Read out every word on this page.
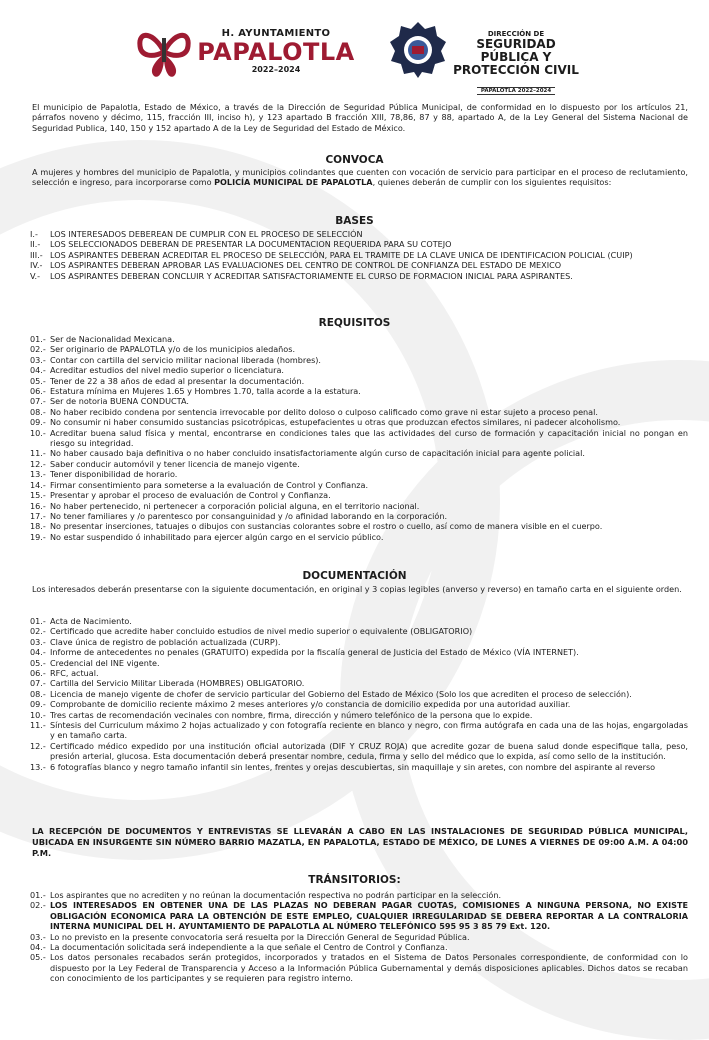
H. AYUNTAMIENTO
PAPALOTLA
2022–2024
DIRECCIÓN DE
SEGURIDAD PÚBLICA Y
PROTECCIÓN CIVIL
PAPALOTLA 2022–2024
El municipio de Papalotla, Estado de México, a través de la Dirección de Seguridad Pública Municipal, de conformidad en lo dispuesto por los artículos 21, párrafos noveno y décimo, 115, fracción III, inciso h), y 123 apartado B fracción XIII, 78,86, 87 y 88, apartado A, de la Ley General del Sistema Nacional de Seguridad Publica, 140, 150 y 152 apartado A de la Ley de Seguridad del Estado de México.
CONVOCA
A mujeres y hombres del municipio de Papalotla, y municipios colindantes que cuenten con vocación de servicio para participar en el proceso de reclutamiento, selección e ingreso, para incorporarse como POLICÍA MUNICIPAL DE PAPALOTLA, quienes deberán de cumplir con los siguientes requisitos:
BASES
I.-	LOS INTERESADOS DEBEREAN DE CUMPLIR CON EL PROCESO DE SELECCIÓN
II.-	LOS SELECCIONADOS DEBERAN DE PRESENTAR LA DOCUMENTACION REQUERIDA PARA SU COTEJO
III.- LOS ASPIRANTES DEBERAN ACREDITAR EL PROCESO DE SELECCIÓN, PARA EL TRAMITE DE LA CLAVE UNICA DE IDENTIFICACION POLICIAL (CUIP)
IV.- LOS ASPIRANTES DEBERAN APROBAR LAS EVALUACIONES DEL CENTRO DE CONTROL DE CONFIANZA DEL ESTADO DE MEXICO
V.-	LOS ASPIRANTES DEBERAN CONCLUIR Y ACREDITAR SATISFACTORIAMENTE EL CURSO DE FORMACION INICIAL PARA ASPIRANTES.
REQUISITOS
01.- Ser de Nacionalidad Mexicana.
02.- Ser originario de PAPALOTLA y/o de los municipios aledaños.
03.- Contar con cartilla del servicio militar nacional liberada (hombres).
04.- Acreditar estudios del nivel medio superior o licenciatura.
05.- Tener de 22 a 38 años de edad al presentar la documentación.
06.- Estatura mínima en Mujeres 1.65 y Hombres 1.70, talla acorde a la estatura.
07.- Ser de notoria BUENA CONDUCTA.
08.- No haber recibido condena por sentencia irrevocable por delito doloso o culposo calificado como grave ni estar sujeto a proceso penal.
09.- No consumir ni haber consumido sustancias psicotrópicas, estupefacientes u otras que produzcan efectos similares, ni padecer alcoholismo.
10.- Acreditar buena salud física y mental, encontrarse en condiciones tales que las actividades del curso de formación y capacitación inicial no pongan en riesgo su integridad.
11.- No haber causado baja definitiva o no haber concluido insatisfactoriamente algún curso de capacitación inicial para agente policial.
12.- Saber conducir automóvil y tener licencia de manejo vigente.
13.- Tener disponibilidad de horario.
14.- Firmar consentimiento para someterse a la evaluación de Control y Confianza.
15.- Presentar y aprobar el proceso de evaluación de Control y Confianza.
16.- No haber pertenecido, ni pertenecer a corporación policial alguna, en el territorio nacional.
17.- No tener familiares y /o parentesco por consanguinidad y /o afinidad laborando en la corporación.
18.- No presentar inserciones, tatuajes o dibujos con sustancias colorantes sobre el rostro o cuello, así como de manera visible en el cuerpo.
19.- No estar suspendido ó inhabilitado para ejercer algún cargo en el servicio público.
DOCUMENTACIÓN
Los interesados deberán presentarse con la siguiente documentación, en original y 3 copias legibles (anverso y reverso) en tamaño carta en el siguiente orden.
01.- Acta de Nacimiento.
02.- Certificado que acredite haber concluido estudios de nivel medio superior o equivalente (OBLIGATORIO)
03.- Clave única de registro de población actualizada (CURP).
04.- Informe de antecedentes no penales (GRATUITO) expedida por la fiscalía general de Justicia del Estado de México (VÍA INTERNET).
05.- Credencial del INE vigente.
06.- RFC, actual.
07.- Cartilla del Servicio Militar Liberada (HOMBRES) OBLIGATORIO.
08.- Licencia de manejo vigente de chofer de servicio particular del Gobierno del Estado de México (Solo los que acrediten el proceso de selección).
09.- Comprobante de domicilio reciente máximo 2 meses anteriores y/o constancia de domicilio expedida por una autoridad auxiliar.
10.- Tres cartas de recomendación vecinales con nombre, firma, dirección y número telefónico de la persona que lo expide.
11.- Síntesis del Curriculum máximo 2 hojas actualizado y con fotografía reciente en blanco y negro, con firma autógrafa en cada una de las hojas, engargoladas y en tamaño carta.
12.- Certificado médico expedido por una institución oficial autorizada (DIF Y CRUZ ROJA) que acredite gozar de buena salud donde especifique talla, peso, presión arterial, glucosa. Esta documentación deberá presentar nombre, cedula, firma y sello del médico que lo expida, así como sello de la institución.
13.- 6 fotografías blanco y negro tamaño infantil sin lentes, frentes y orejas descubiertas, sin maquillaje y sin aretes, con nombre del aspirante al reverso
LA RECEPCIÓN DE DOCUMENTOS Y ENTREVISTAS SE LLEVARÁN A CABO EN LAS INSTALACIONES DE SEGURIDAD PÚBLICA MUNICIPAL, UBICADA EN INSURGENTE SIN NÚMERO BARRIO MAZATLA, EN PAPALOTLA, ESTADO DE MÉXICO, DE LUNES A VIERNES DE 09:00 A.M. A 04:00 P.M.
TRÁNSITORIOS:
01.- Los aspirantes que no acrediten y no reúnan la documentación respectiva no podrán participar en la selección.
02.- LOS INTERESADOS EN OBTENER UNA DE LAS PLAZAS NO DEBERAN PAGAR CUOTAS, COMISIONES A NINGUNA PERSONA, NO EXISTE OBLIGACIÓN ECONOMICA PARA LA OBTENCIÓN DE ESTE EMPLEO, CUALQUIER IRREGULARIDAD SE DEBERA REPORTAR A LA CONTRALORIA INTERNA MUNICIPAL DEL H. AYUNTAMIENTO DE PAPALOTLA AL NÚMERO TELEFÓNICO 595 95 3 85 79 Ext. 120.
03.- Lo no previsto en la presente convocatoria será resuelta por la Dirección General de Seguridad Pública.
04.- La documentación solicitada será independiente a la que señale el Centro de Control y Confianza.
05.- Los datos personales recabados serán protegidos, incorporados y tratados en el Sistema de Datos Personales correspondiente, de conformidad con lo dispuesto por la Ley Federal de Transparencia y Acceso a la Información Pública Gubernamental y demás disposiciones aplicables. Dichos datos se recaban con conocimiento de los participantes y se requieren para registro interno.
